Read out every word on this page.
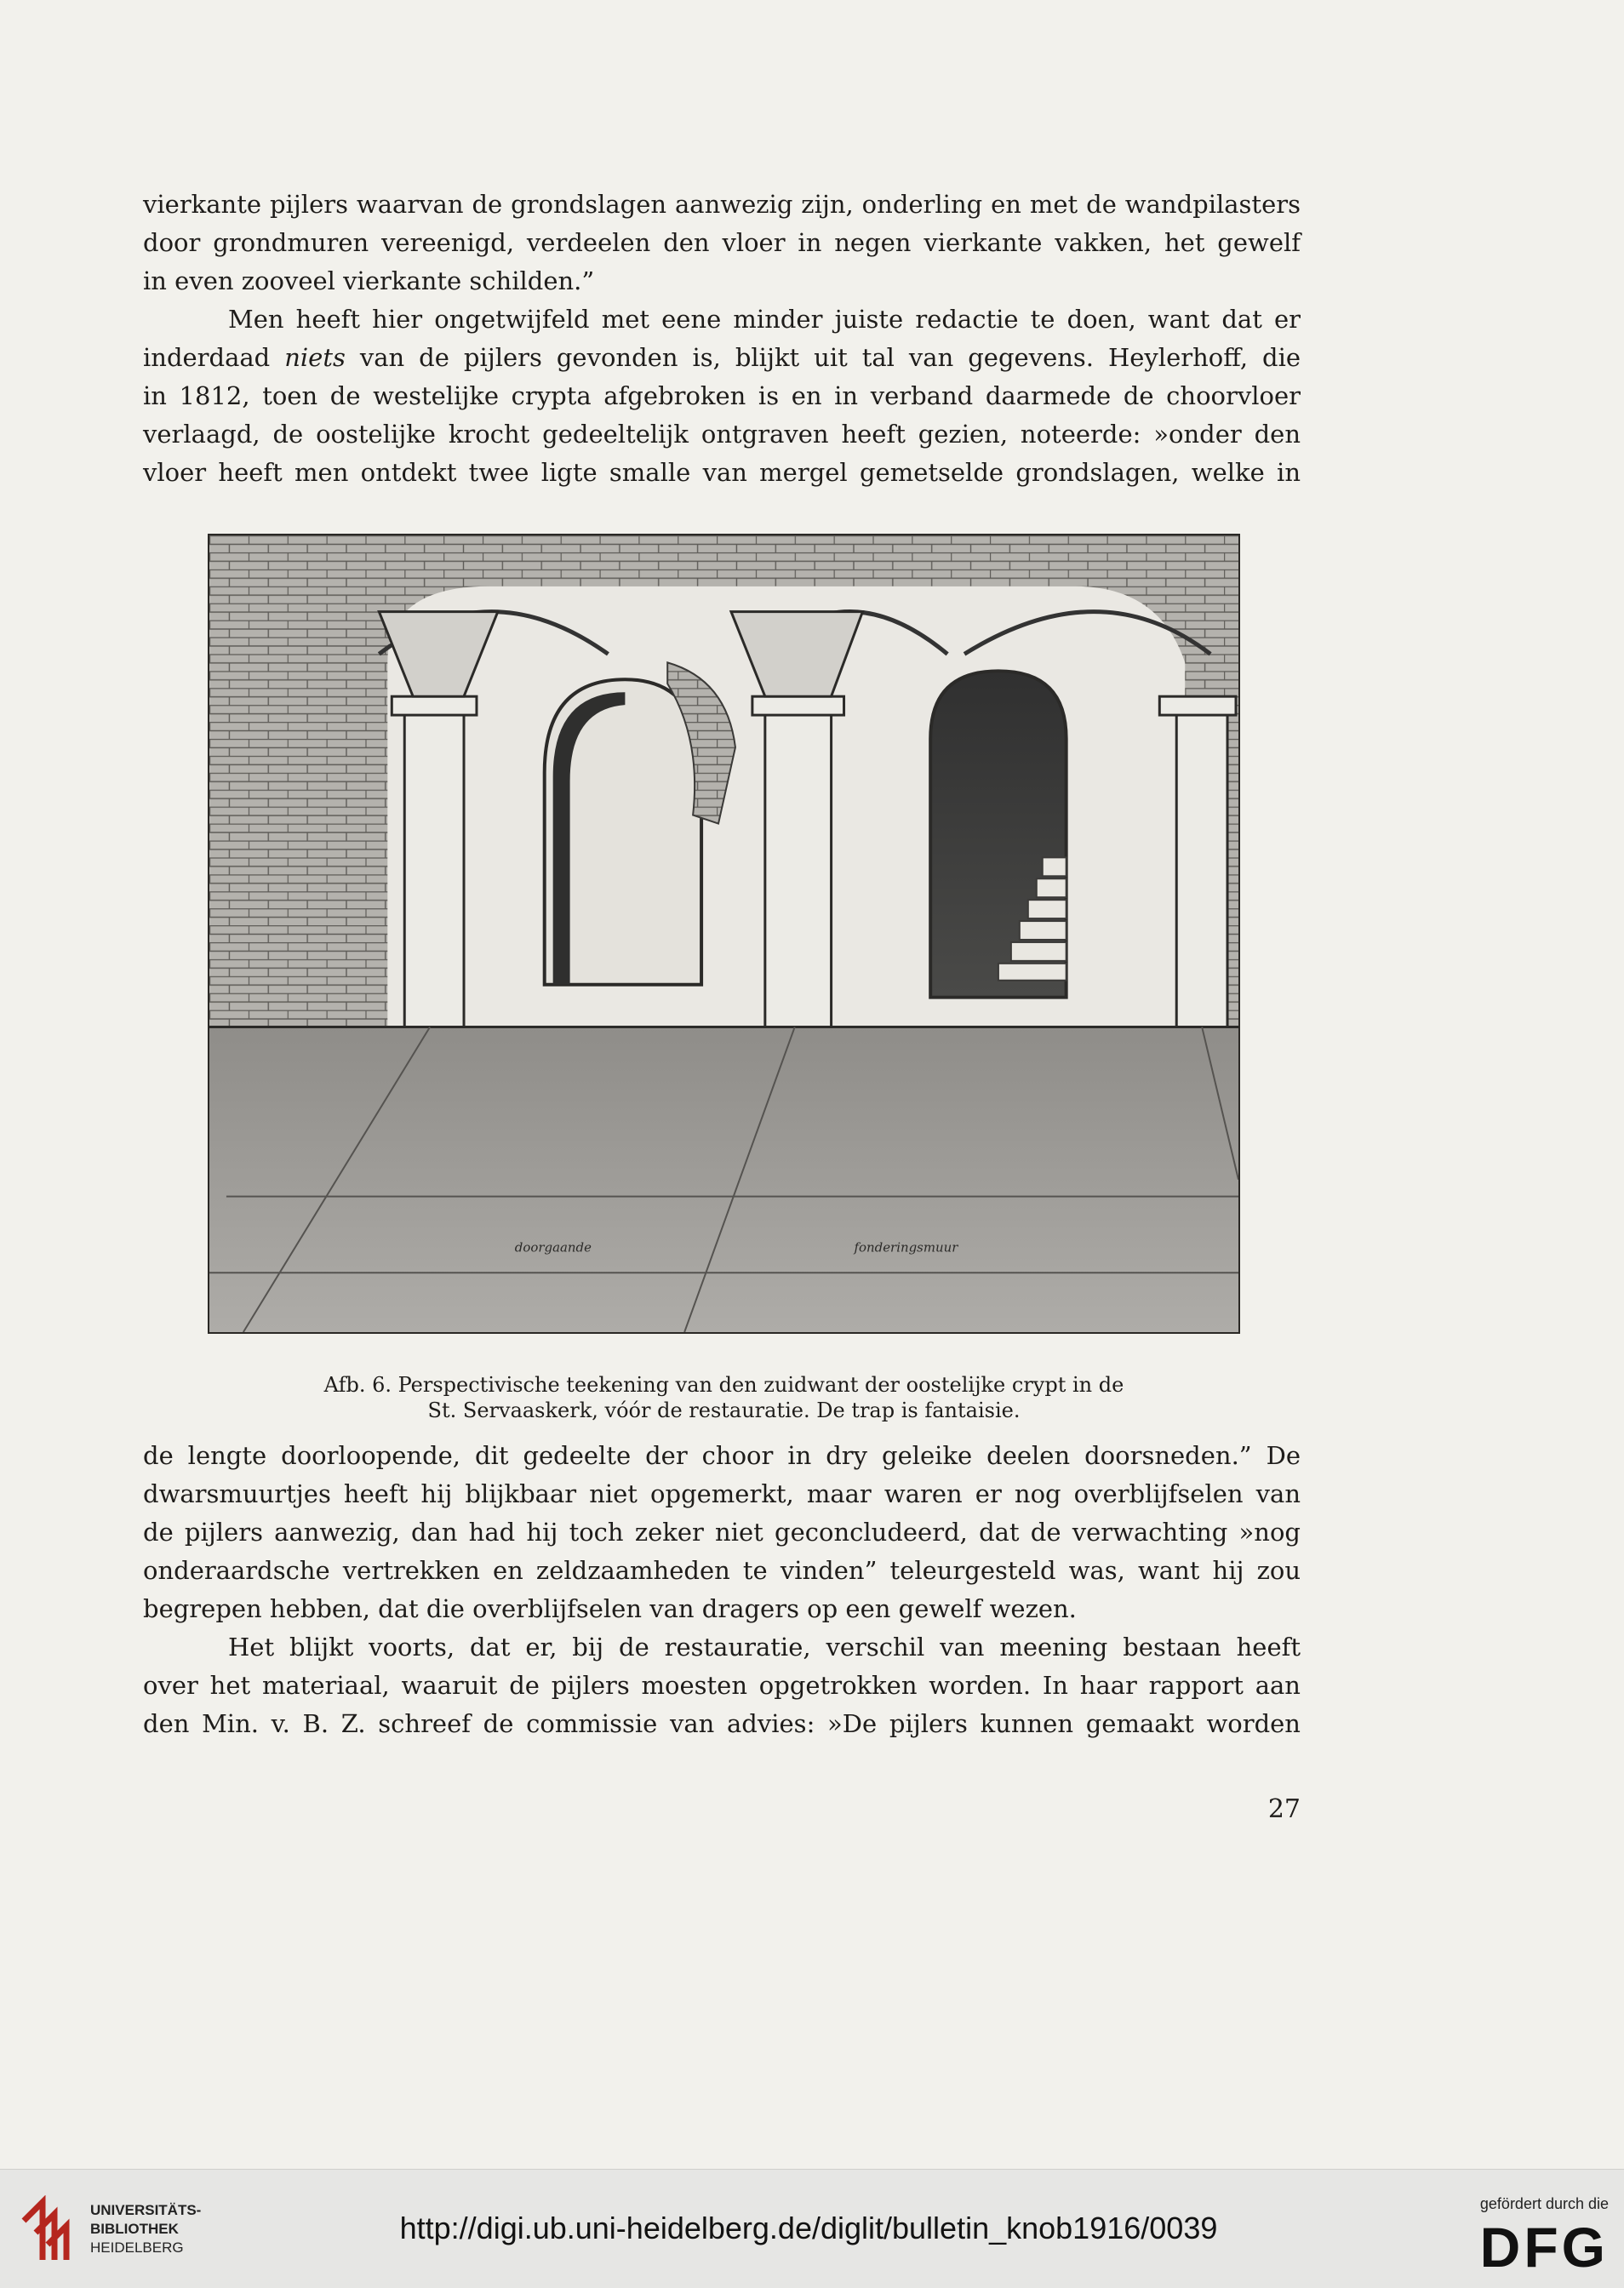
vierkante pijlers waarvan de grondslagen aanwezig zijn, onderling en met de wandpilasters
door grondmuren vereenigd, verdeelen den vloer in negen vierkante vakken, het gewelf
in even zooveel vierkante schilden.”
Men heeft hier ongetwijfeld met eene minder juiste redactie te doen, want dat er
inderdaad niets van de pijlers gevonden is, blijkt uit tal van gegevens. Heylerhoff, die
in 1812, toen de westelijke crypta afgebroken is en in verband daarmede de choorvloer
verlaagd, de oostelijke krocht gedeeltelijk ontgraven heeft gezien, noteerde: »onder den
vloer heeft men ontdekt twee ligte smalle van mergel gemetselde grondslagen, welke in
doorgaande	fonderingsmuur
Afb. 6. Perspectivische teekening van den zuidwant der oostelijke crypt in de
St. Servaaskerk, vóór de restauratie. De trap is fantaisie.
de lengte doorloopende, dit gedeelte der choor in dry geleike deelen doorsneden.” De
dwarsmuurtjes heeft hij blijkbaar niet opgemerkt, maar waren er nog overblijfselen van
de pijlers aanwezig, dan had hij toch zeker niet geconcludeerd, dat de verwachting »nog
onderaardsche vertrekken en zeldzaamheden te vinden” teleurgesteld was, want hij zou
begrepen hebben, dat die overblijfselen van dragers op een gewelf wezen.
Het blijkt voorts, dat er, bij de restauratie, verschil van meening bestaan heeft
over het materiaal, waaruit de pijlers moesten opgetrokken worden. In haar rapport aan
den Min. v. B. Z. schreef de commissie van advies: »De pijlers kunnen gemaakt worden
27
UNIVERSITÄTS-
BIBLIOTHEK
HEIDELBERG
http://digi.ub.uni-heidelberg.de/diglit/bulletin_knob1916/0039
gefördert durch die
DFG
